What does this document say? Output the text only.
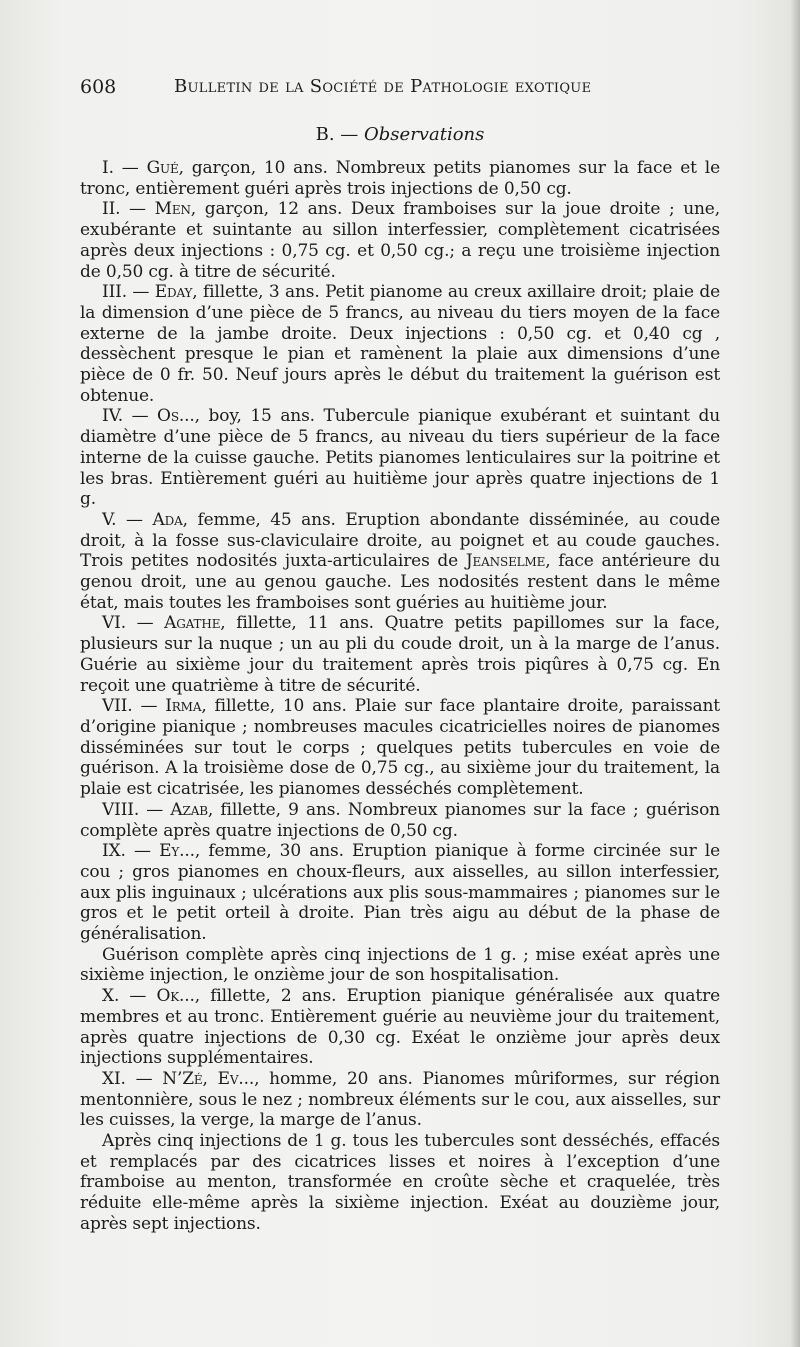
608	Bulletin de la Société de Pathologie exotique
B. — Observations

I. — Gué, garçon, 10 ans. Nombreux petits pianomes sur la face et le tronc, entièrement guéri après trois injections de 0,50 cg.

II. — Men, garçon, 12 ans. Deux framboises sur la joue droite ; une, exubérante et suintante au sillon interfessier, complètement cicatrisées après deux injections : 0,75 cg. et 0,50 cg.; a reçu une troisième injection de 0,50 cg. à titre de sécurité.

III. — Eday, fillette, 3 ans. Petit pianome au creux axillaire droit; plaie de la dimension d’une pièce de 5 francs, au niveau du tiers moyen de la face externe de la jambe droite. Deux injections : 0,50 cg. et 0,40 cg , dessèchent presque le pian et ramènent la plaie aux dimensions d’une pièce de 0 fr. 50. Neuf jours après le début du traitement la guérison est obtenue.

IV. — Os..., boy, 15 ans. Tubercule pianique exubérant et suintant du diamètre d’une pièce de 5 francs, au niveau du tiers supérieur de la face interne de la cuisse gauche. Petits pianomes lenticulaires sur la poitrine et les bras. Entièrement guéri au huitième jour après quatre injections de 1 g.

V. — Ada, femme, 45 ans. Eruption abondante disséminée, au coude droit, à la fosse sus-claviculaire droite, au poignet et au coude gauches. Trois petites nodosités juxta-articulaires de Jeanselme, face antérieure du genou droit, une au genou gauche. Les nodosités restent dans le même état, mais toutes les framboises sont guéries au huitième jour.

VI. — Agathe, fillette, 11 ans. Quatre petits papillomes sur la face, plusieurs sur la nuque ; un au pli du coude droit, un à la marge de l’anus. Guérie au sixième jour du traitement après trois piqûres à 0,75 cg. En reçoit une quatrième à titre de sécurité.

VII. — Irma, fillette, 10 ans. Plaie sur face plantaire droite, paraissant d’origine pianique ; nombreuses macules cicatricielles noires de pianomes disséminées sur tout le corps ; quelques petits tubercules en voie de guérison. A la troisième dose de 0,75 cg., au sixième jour du traitement, la plaie est cicatrisée, les pianomes desséchés complètement.

VIII. — Azab, fillette, 9 ans. Nombreux pianomes sur la face ; guérison complète après quatre injections de 0,50 cg.

IX. — Ey..., femme, 30 ans. Eruption pianique à forme circinée sur le cou ; gros pianomes en choux-fleurs, aux aisselles, au sillon interfessier, aux plis inguinaux ; ulcérations aux plis sous-mammaires ; pianomes sur le gros et le petit orteil à droite. Pian très aigu au début de la phase de généralisation.

Guérison complète après cinq injections de 1 g. ; mise exéat après une sixième injection, le onzième jour de son hospitalisation.

X. — Ok..., fillette, 2 ans. Eruption pianique généralisée aux quatre membres et au tronc. Entièrement guérie au neuvième jour du traitement, après quatre injections de 0,30 cg. Exéat le onzième jour après deux injections supplémentaires.

XI. — N’Zé, Ev..., homme, 20 ans. Pianomes mûriformes, sur région mentonnière, sous le nez ; nombreux éléments sur le cou, aux aisselles, sur les cuisses, la verge, la marge de l’anus.

Après cinq injections de 1 g. tous les tubercules sont desséchés, effacés et remplacés par des cicatrices lisses et noires à l’exception d’une framboise au menton, transformée en croûte sèche et craquelée, très réduite elle-même après la sixième injection. Exéat au douzième jour, après sept injections.
